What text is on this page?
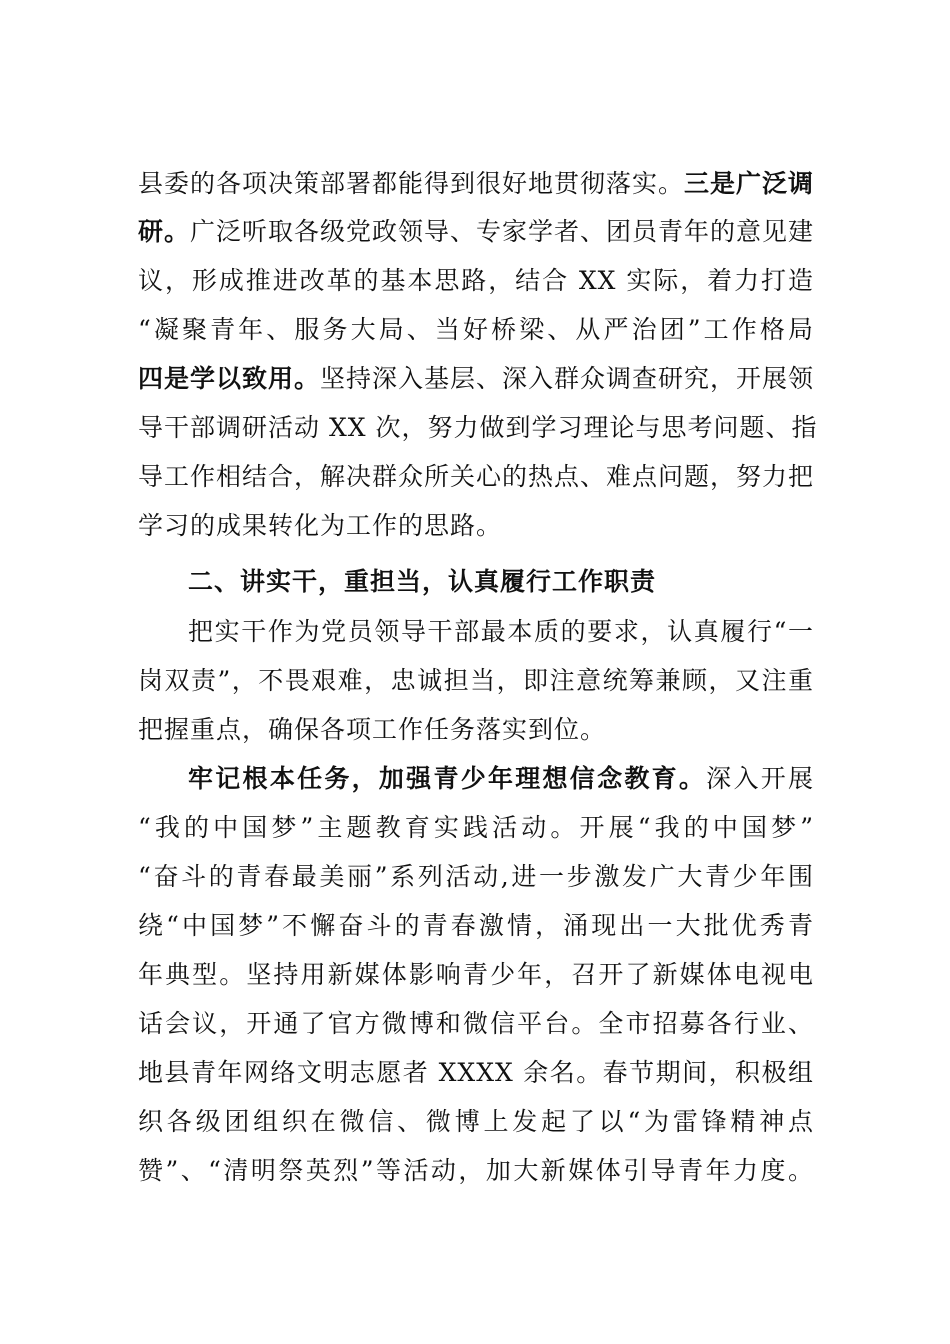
县委的各项决策部署都能得到很好地贯彻落实。三是广泛调
研。广泛听取各级党政领导、专家学者、团员青年的意见建
议，形成推进改革的基本思路，结合 XX 实际，着力打造
“凝聚青年、服务大局、当好桥梁、从严治团”工作格局
四是学以致用。坚持深入基层、深入群众调查研究，开展领
导干部调研活动 XX 次，努力做到学习理论与思考问题、指
导工作相结合，解决群众所关心的热点、难点问题，努力把
学习的成果转化为工作的思路。
二、讲实干，重担当，认真履行工作职责
把实干作为党员领导干部最本质的要求，认真履行“一
岗双责”，不畏艰难，忠诚担当，即注意统筹兼顾，又注重
把握重点，确保各项工作任务落实到位。
牢记根本任务，加强青少年理想信念教育。深入开展
“我的中国梦”主题教育实践活动。开展“我的中国梦”
“奋斗的青春最美丽”系列活动,进一步激发广大青少年围
绕“中国梦”不懈奋斗的青春激情，涌现出一大批优秀青
年典型。坚持用新媒体影响青少年，召开了新媒体电视电
话会议，开通了官方微博和微信平台。全市招募各行业、
地县青年网络文明志愿者 XXXX 余名。春节期间，积极组
织各级团组织在微信、微博上发起了以“为雷锋精神点
赞”、“清明祭英烈”等活动，加大新媒体引导青年力度。
